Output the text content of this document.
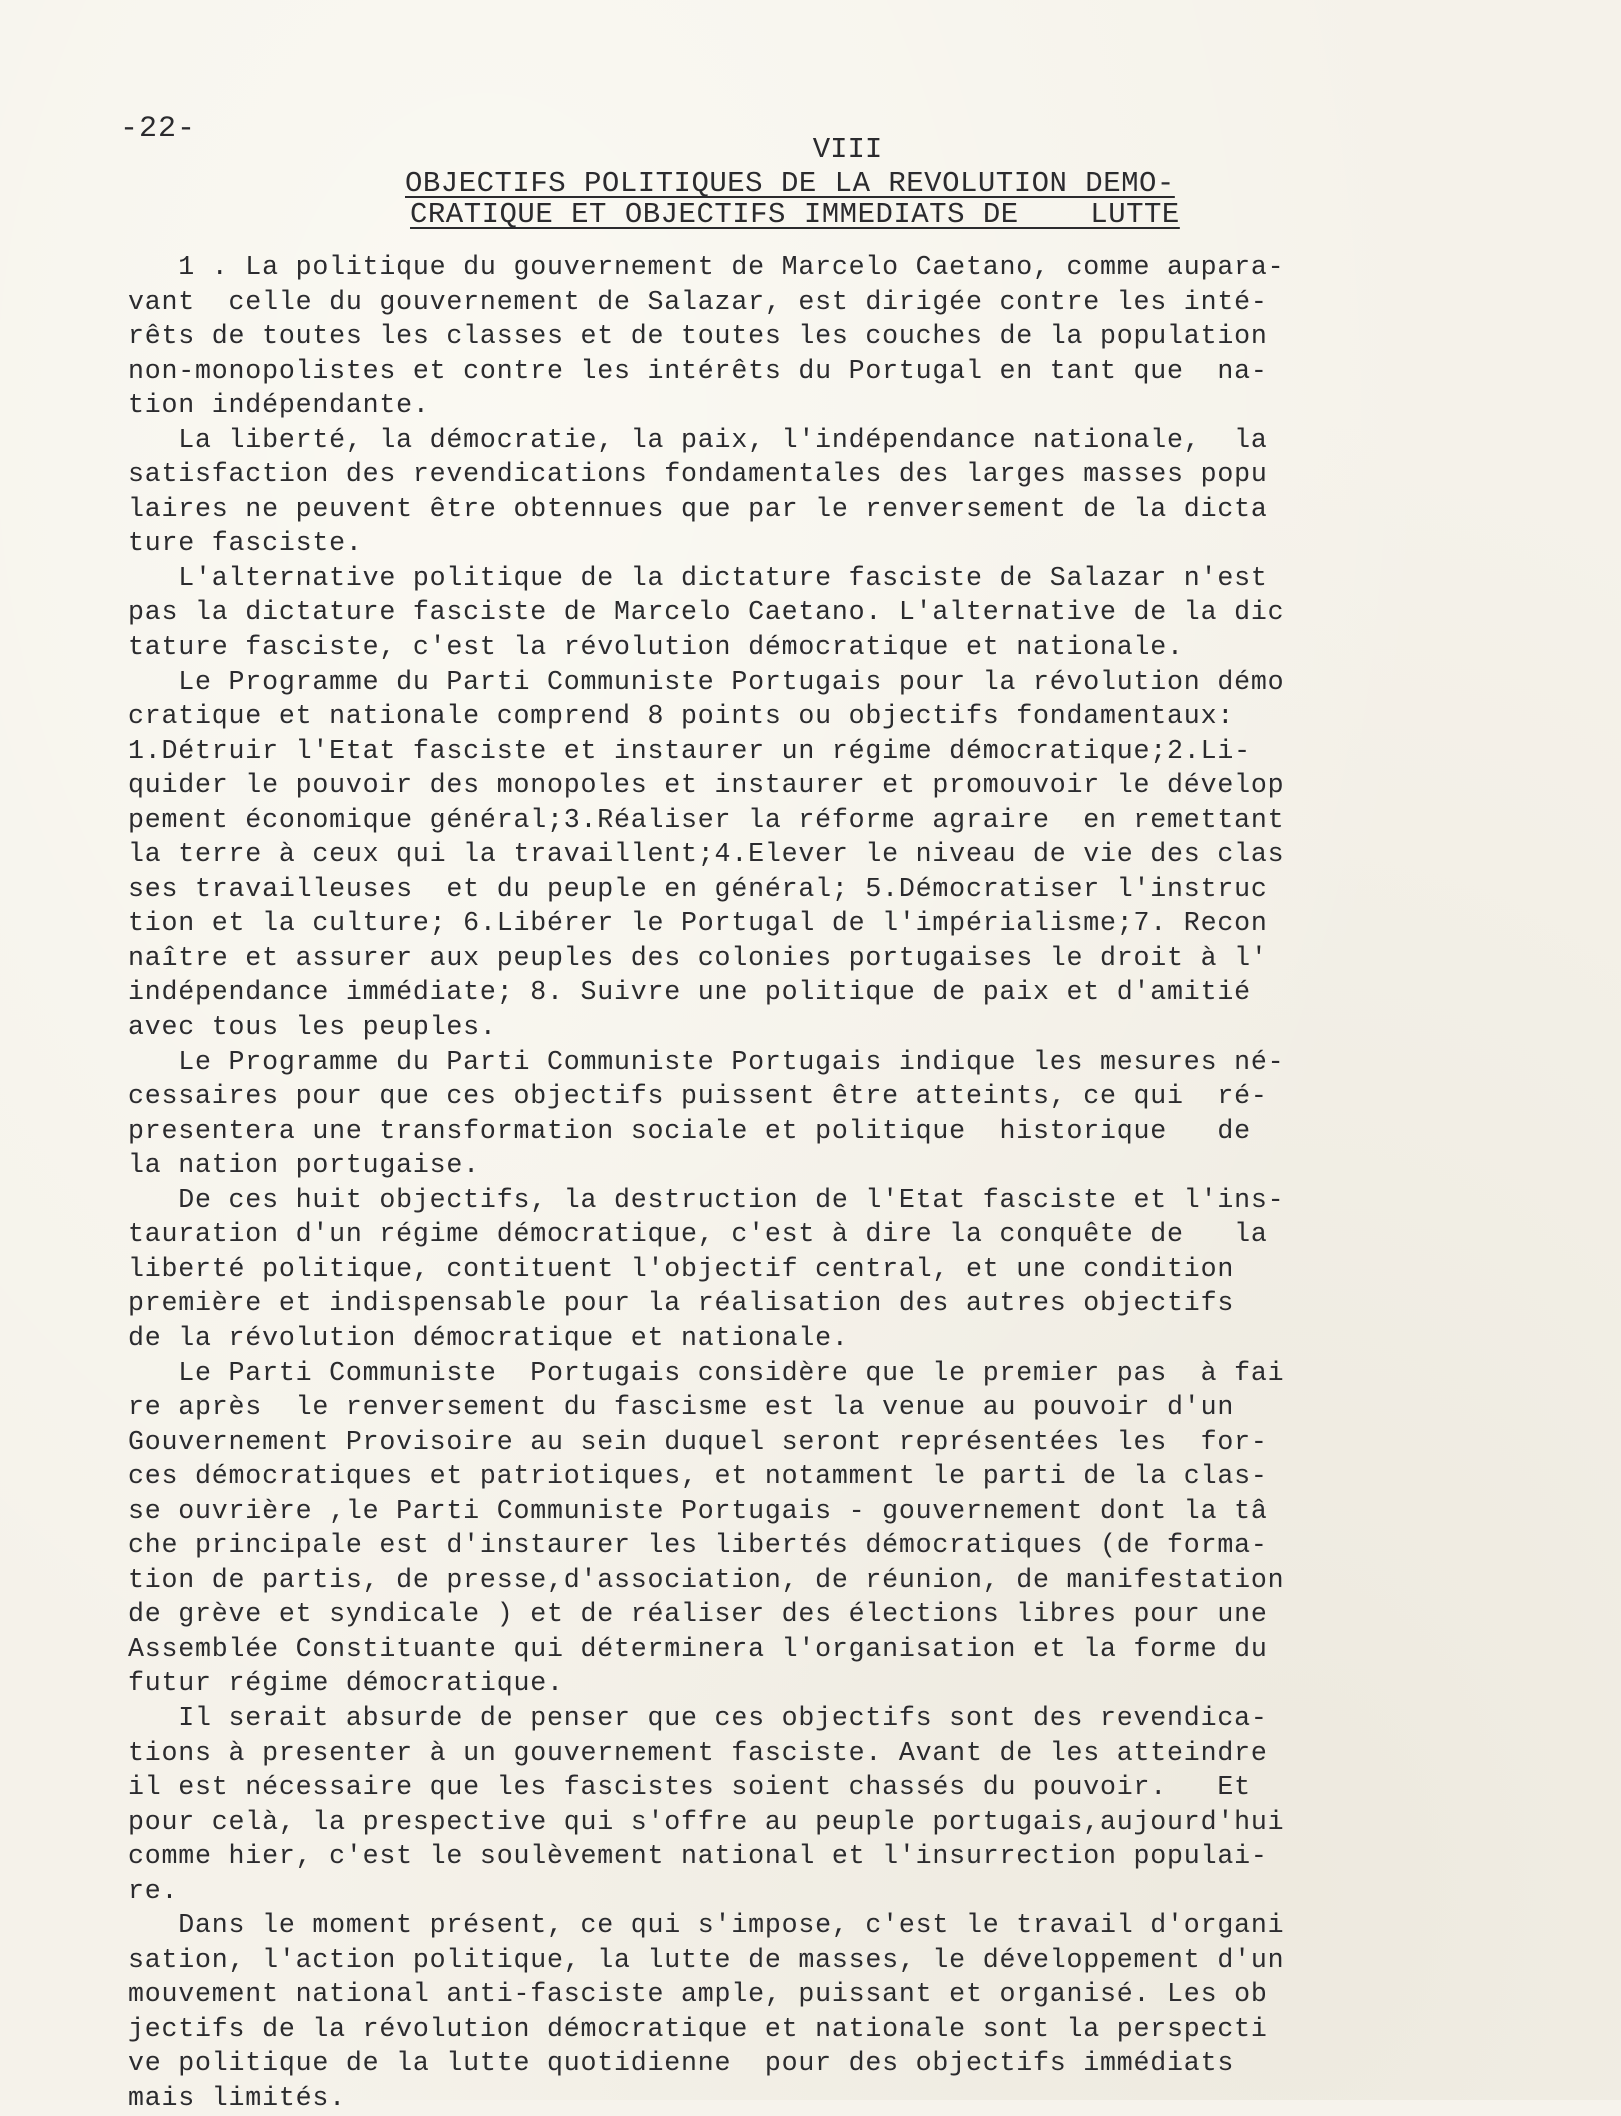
-22-
VIII
OBJECTIFS POLITIQUES DE LA REVOLUTION DEMO-
CRATIQUE ET OBJECTIFS IMMEDIATS DE    LUTTE
1 . La politique du gouvernement de Marcelo Caetano, comme aupara-
vant  celle du gouvernement de Salazar, est dirigée contre les inté-
rêts de toutes les classes et de toutes les couches de la population
non-monopolistes et contre les intérêts du Portugal en tant que  na-
tion indépendante.
La liberté, la démocratie, la paix, l'indépendance nationale,  la
satisfaction des revendications fondamentales des larges masses popu
laires ne peuvent être obtennues que par le renversement de la dicta
ture fasciste.
L'alternative politique de la dictature fasciste de Salazar n'est
pas la dictature fasciste de Marcelo Caetano. L'alternative de la dic
tature fasciste, c'est la révolution démocratique et nationale.
Le Programme du Parti Communiste Portugais pour la révolution démo
cratique et nationale comprend 8 points ou objectifs fondamentaux:
1.Détruir l'Etat fasciste et instaurer un régime démocratique;2.Li-
quider le pouvoir des monopoles et instaurer et promouvoir le dévelop
pement économique général;3.Réaliser la réforme agraire  en remettant
la terre à ceux qui la travaillent;4.Elever le niveau de vie des clas
ses travailleuses  et du peuple en général; 5.Démocratiser l'instruc
tion et la culture; 6.Libérer le Portugal de l'impérialisme;7. Recon
naître et assurer aux peuples des colonies portugaises le droit à l'
indépendance immédiate; 8. Suivre une politique de paix et d'amitié
avec tous les peuples.
Le Programme du Parti Communiste Portugais indique les mesures né-
cessaires pour que ces objectifs puissent être atteints, ce qui  ré-
presentera une transformation sociale et politique  historique   de
la nation portugaise.
De ces huit objectifs, la destruction de l'Etat fasciste et l'ins-
tauration d'un régime démocratique, c'est à dire la conquête de   la
liberté politique, contituent l'objectif central, et une condition
première et indispensable pour la réalisation des autres objectifs
de la révolution démocratique et nationale.
Le Parti Communiste  Portugais considère que le premier pas  à fai
re après  le renversement du fascisme est la venue au pouvoir d'un
Gouvernement Provisoire au sein duquel seront représentées les  for-
ces démocratiques et patriotiques, et notamment le parti de la clas-
se ouvrière ,le Parti Communiste Portugais - gouvernement dont la tâ
che principale est d'instaurer les libertés démocratiques (de forma-
tion de partis, de presse,d'association, de réunion, de manifestation
de grève et syndicale ) et de réaliser des élections libres pour une
Assemblée Constituante qui déterminera l'organisation et la forme du
futur régime démocratique.
Il serait absurde de penser que ces objectifs sont des revendica-
tions à presenter à un gouvernement fasciste. Avant de les atteindre
il est nécessaire que les fascistes soient chassés du pouvoir.   Et
pour celà, la prespective qui s'offre au peuple portugais,aujourd'hui
comme hier, c'est le soulèvement national et l'insurrection populai-
re.
Dans le moment présent, ce qui s'impose, c'est le travail d'organi
sation, l'action politique, la lutte de masses, le développement d'un
mouvement national anti-fasciste ample, puissant et organisé. Les ob
jectifs de la révolution démocratique et nationale sont la perspecti
ve politique de la lutte quotidienne  pour des objectifs immédiats
mais limités.
